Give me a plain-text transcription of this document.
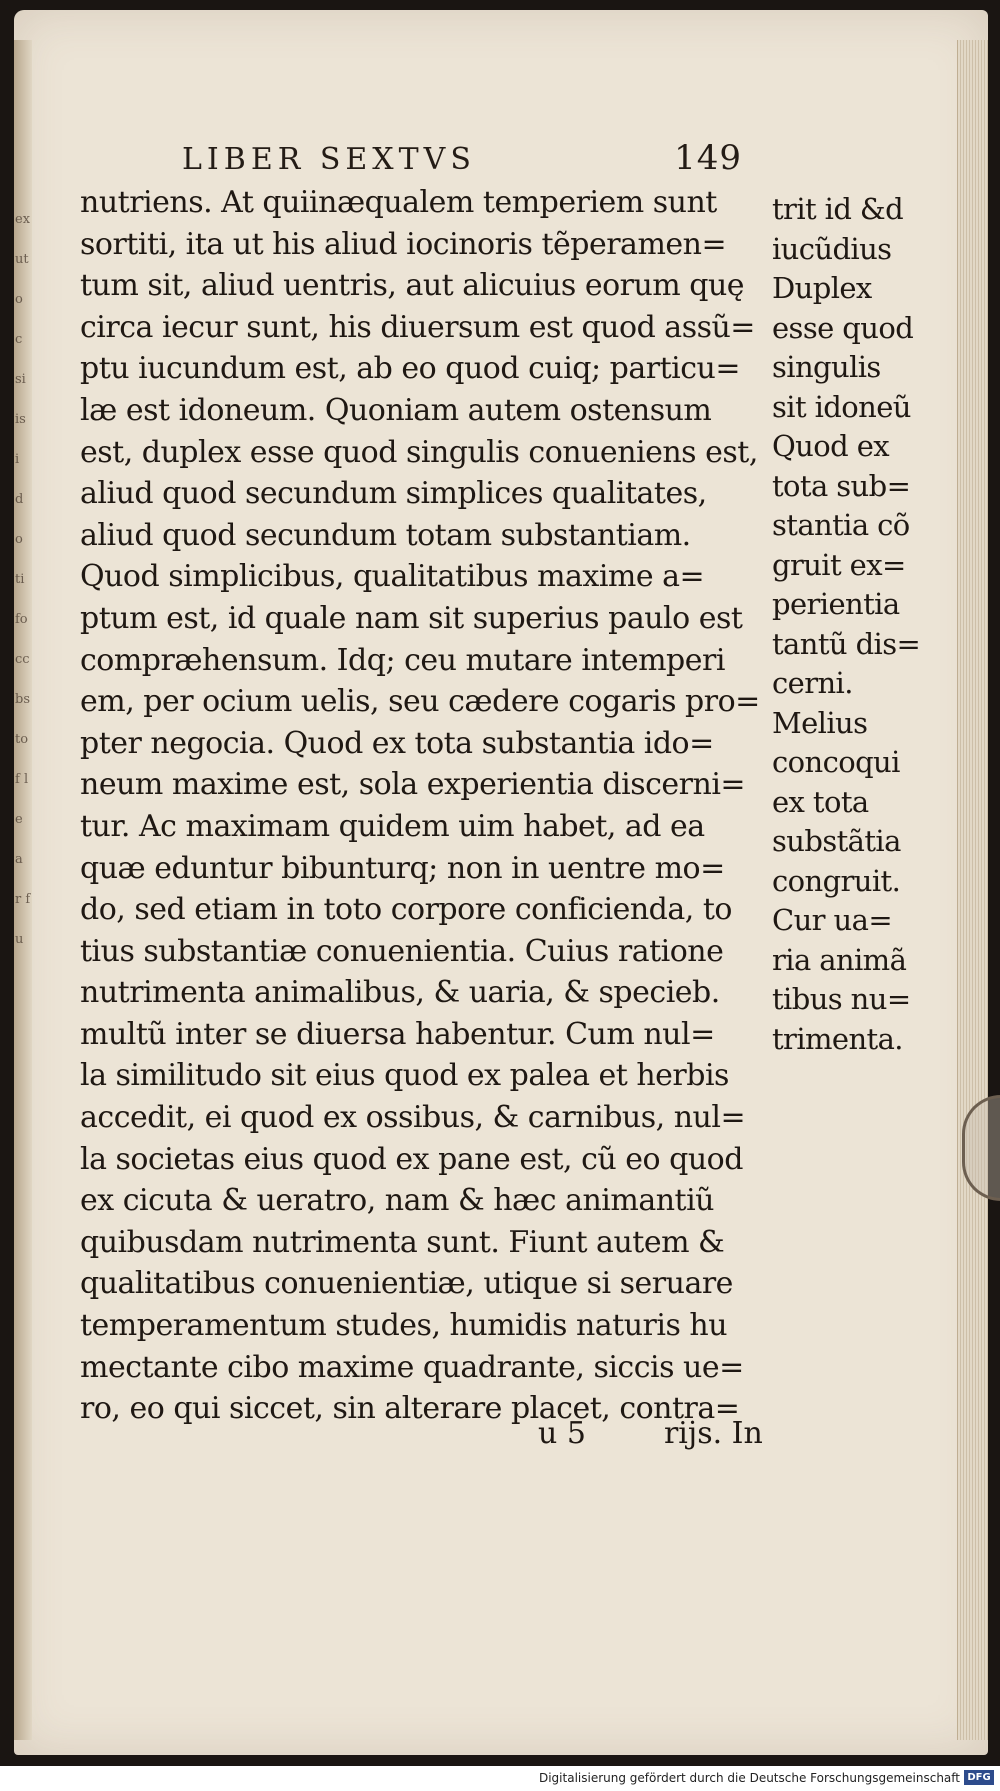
ex ut o c si is i d o ti fo cc bs to f l e a r fu
LIBER SEXTVS	149
nutriens. At quiinæqualem temperiem sunt
sortiti, ita ut his aliud iocinoris tẽperamen=
tum sit, aliud uentris, aut alicuius eorum quę
circa iecur sunt, his diuersum est quod assũ=
ptu iucundum est, ab eo quod cuiq; particu=
læ est idoneum. Quoniam autem ostensum
est, duplex esse quod singulis conueniens est,
aliud quod secundum simplices qualitates,
aliud quod secundum totam substantiam.
Quod simplicibus, qualitatibus maxime a=
ptum est, id quale nam sit superius paulo est
compræhensum. Idq; ceu mutare intemperi
em, per ocium uelis, seu cædere cogaris pro=
pter negocia. Quod ex tota substantia ido=
neum maxime est, sola experientia discerni=
tur. Ac maximam quidem uim habet, ad ea
quæ eduntur bibunturq; non in uentre mo=
do, sed etiam in toto corpore conficienda, to
tius substantiæ conuenientia. Cuius ratione
nutrimenta animalibus, & uaria, & specieb.
multũ inter se diuersa habentur. Cum nul=
la similitudo sit eius quod ex palea et herbis
accedit, ei quod ex ossibus, & carnibus, nul=
la societas eius quod ex pane est, cũ eo quod
ex cicuta & ueratro, nam & hæc animantiũ
quibusdam nutrimenta sunt. Fiunt autem &
qualitatibus conuenientiæ, utique si seruare
temperamentum studes, humidis naturis hu
mectante cibo maxime quadrante, siccis ue=
ro, eo qui siccet, sin alterare placet, contra=
trit id &d
iucũdius
Duplex
esse quod
singulis
sit idoneũ
Quod ex
tota sub=
stantia cõ
gruit ex=
perientia
tantũ dis=
cerni.
Melius
concoqui
ex tota
substãtia
congruit.
Cur ua=
ria animã
tibus nu=
trimenta.
u 5	rijs. In
Digitalisierung gefördert durch die Deutsche Forschungsgemeinschaft DFG
